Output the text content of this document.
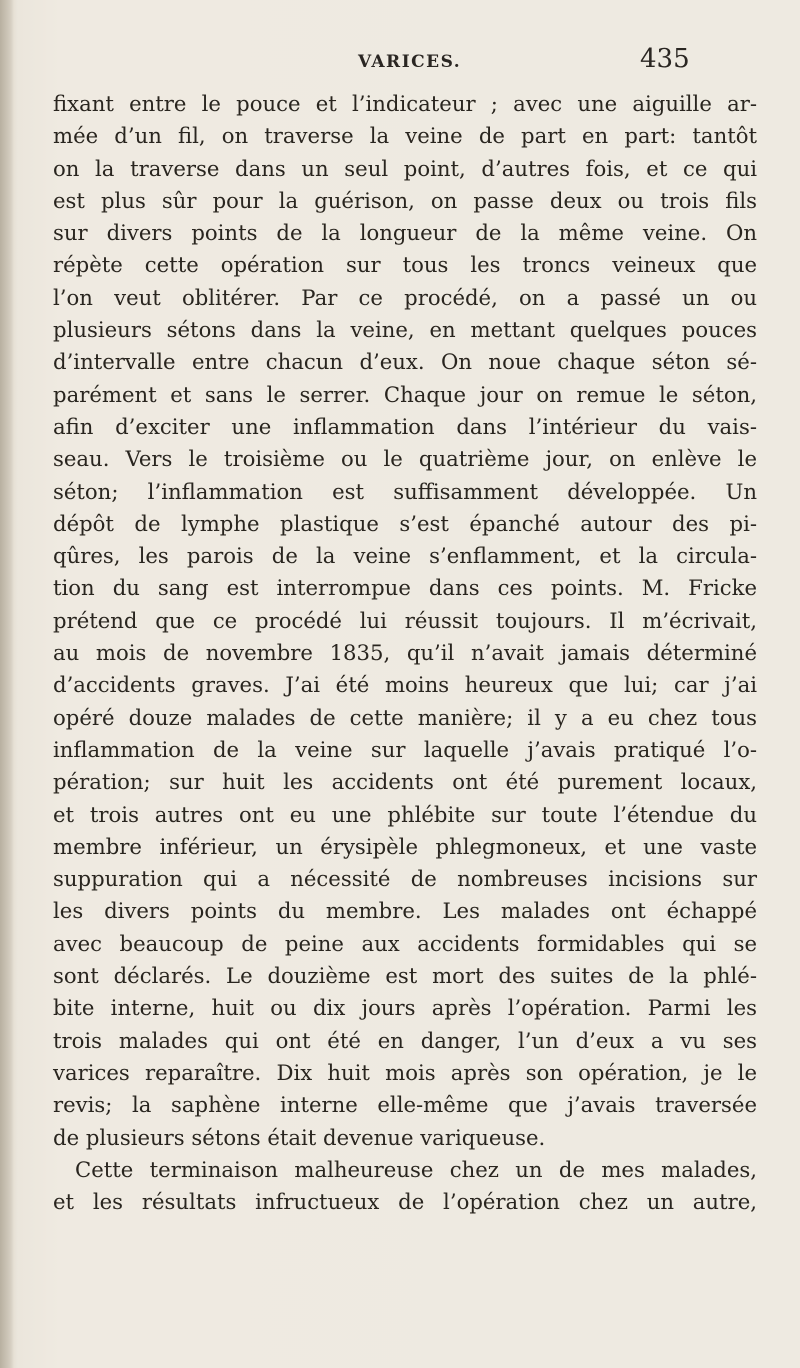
VARICES.	435
fixant entre le pouce et l’indicateur ; avec une aiguille ar-
mée d’un fil, on traverse la veine de part en part: tantôt
on la traverse dans un seul point, d’autres fois, et ce qui
est plus sûr pour la guérison, on passe deux ou trois fils
sur divers points de la longueur de la même veine. On
répète cette opération sur tous les troncs veineux que
l’on veut oblitérer. Par ce procédé, on a passé un ou
plusieurs sétons dans la veine, en mettant quelques pouces
d’intervalle entre chacun d’eux. On noue chaque séton sé-
parément et sans le serrer. Chaque jour on remue le séton,
afin d’exciter une inflammation dans l’intérieur du vais-
seau. Vers le troisième ou le quatrième jour, on enlève le
séton; l’inflammation est suffisamment développée. Un
dépôt de lymphe plastique s’est épanché autour des pi-
qûres, les parois de la veine s’enflamment, et la circula-
tion du sang est interrompue dans ces points. M. Fricke
prétend que ce procédé lui réussit toujours. Il m’écrivait,
au mois de novembre 1835, qu’il n’avait jamais déterminé
d’accidents graves. J’ai été moins heureux que lui; car j’ai
opéré douze malades de cette manière; il y a eu chez tous
inflammation de la veine sur laquelle j’avais pratiqué l’o-
pération; sur huit les accidents ont été purement locaux,
et trois autres ont eu une phlébite sur toute l’étendue du
membre inférieur, un érysipèle phlegmoneux, et une vaste
suppuration qui a nécessité de nombreuses incisions sur
les divers points du membre. Les malades ont échappé
avec beaucoup de peine aux accidents formidables qui se
sont déclarés. Le douzième est mort des suites de la phlé-
bite interne, huit ou dix jours après l’opération. Parmi les
trois malades qui ont été en danger, l’un d’eux a vu ses
varices reparaître. Dix huit mois après son opération, je le
revis; la saphène interne elle-même que j’avais traversée
de plusieurs sétons était devenue variqueuse.
Cette terminaison malheureuse chez un de mes malades,
et les résultats infructueux de l’opération chez un autre,
